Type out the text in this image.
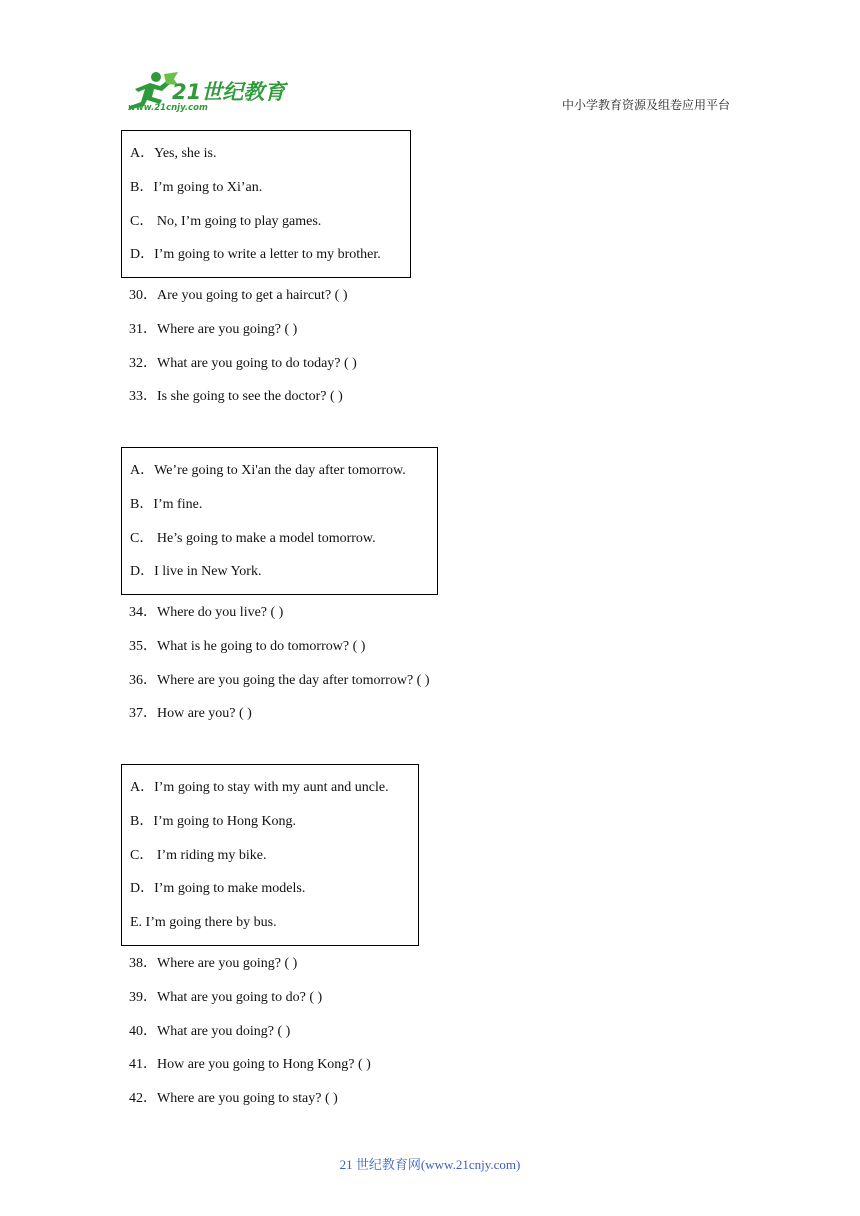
21世纪教育
www.21cnjy.com	中小学教育资源及组卷应用平台
A．Yes, she is.
B．I’m going to Xi’an.
C． No, I’m going to play games.
D．I’m going to write a letter to my brother.
30．Are you going to get a haircut? ( )
31．Where are you going? ( )
32．What are you going to do today? ( )
33．Is she going to see the doctor? ( )
A．We’re going to Xi'an the day after tomorrow.
B．I’m fine.
C． He’s going to make a model tomorrow.
D．I live in New York.
34．Where do you live? ( )
35．What is he going to do tomorrow? ( )
36．Where are you going the day after tomorrow? ( )
37．How are you? ( )
A．I’m going to stay with my aunt and uncle.
B．I’m going to Hong Kong.
C． I’m riding my bike.
D．I’m going to make models.
E. I’m going there by bus.
38．Where are you going? ( )
39．What are you going to do? ( )
40．What are you doing? ( )
41．How are you going to Hong Kong? ( )
42．Where are you going to stay? ( )
21 世纪教育网(www.21cnjy.com)
